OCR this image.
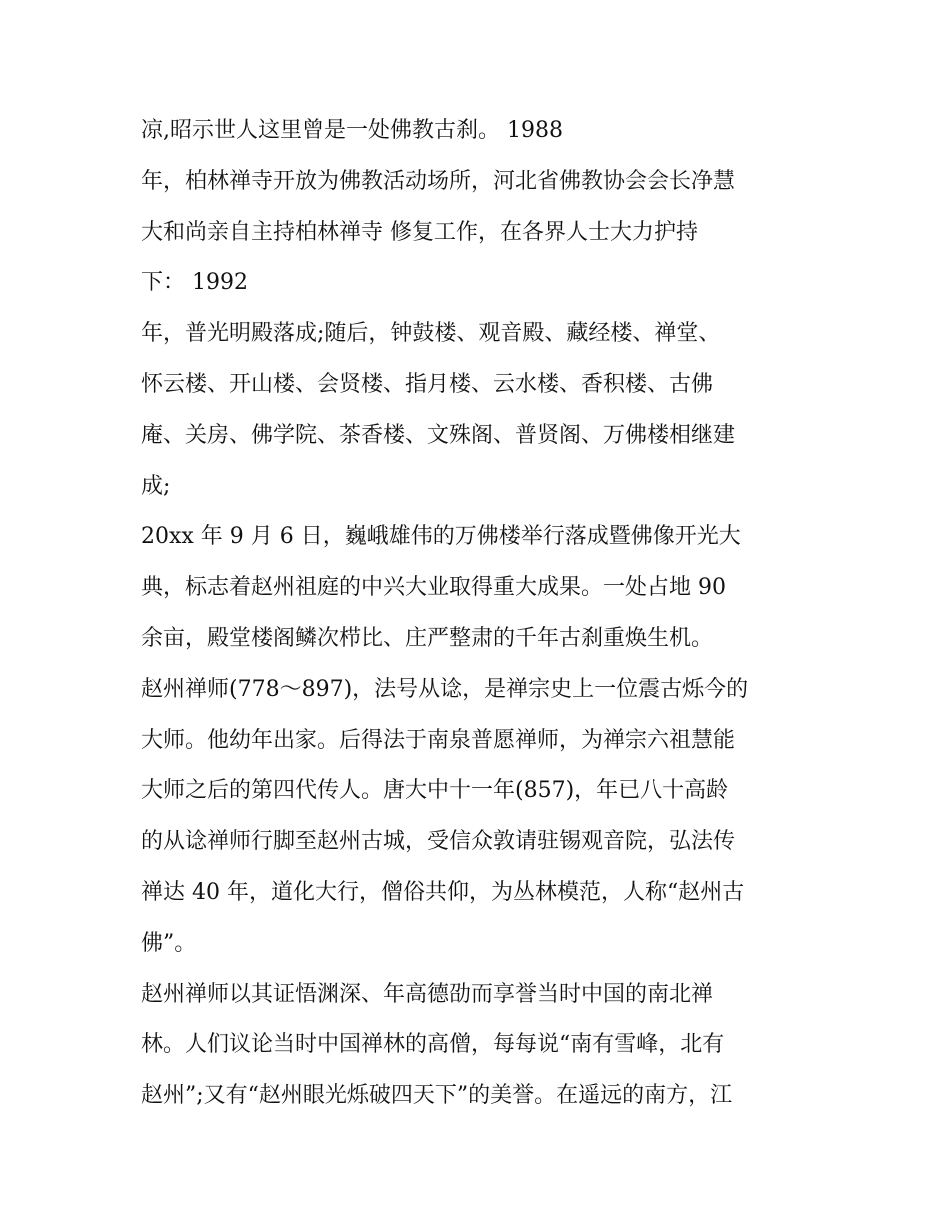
凉,昭示世人这里曾是一处佛教古刹。 1988
年，柏林禅寺开放为佛教活动场所，河北省佛教协会会长净慧
大和尚亲自主持柏林禅寺 修复工作，在各界人士大力护持
下： 1992
年，普光明殿落成;随后，钟鼓楼、观音殿、藏经楼、禅堂、
怀云楼、开山楼、会贤楼、指月楼、云水楼、香积楼、古佛
庵、关房、佛学院、茶香楼、文殊阁、普贤阁、万佛楼相继建
成;
20xx 年 9 月 6 日，巍峨雄伟的万佛楼举行落成暨佛像开光大
典，标志着赵州祖庭的中兴大业取得重大成果。一处占地 90
余亩，殿堂楼阁鳞次栉比、庄严整肃的千年古刹重焕生机。
赵州禅师(778～897)，法号从谂，是禅宗史上一位震古烁今的
大师。他幼年出家。后得法于南泉普愿禅师，为禅宗六祖慧能
大师之后的第四代传人。唐大中十一年(857)，年已八十高龄
的从谂禅师行脚至赵州古城，受信众敦请驻锡观音院，弘法传
禅达 40 年，道化大行，僧俗共仰，为丛林模范，人称“赵州古
佛”。
赵州禅师以其证悟渊深、年高德劭而享誉当时中国的南北禅
林。人们议论当时中国禅林的高僧，每每说“南有雪峰，北有
赵州”;又有“赵州眼光烁破四天下”的美誉。在遥远的南方，江
